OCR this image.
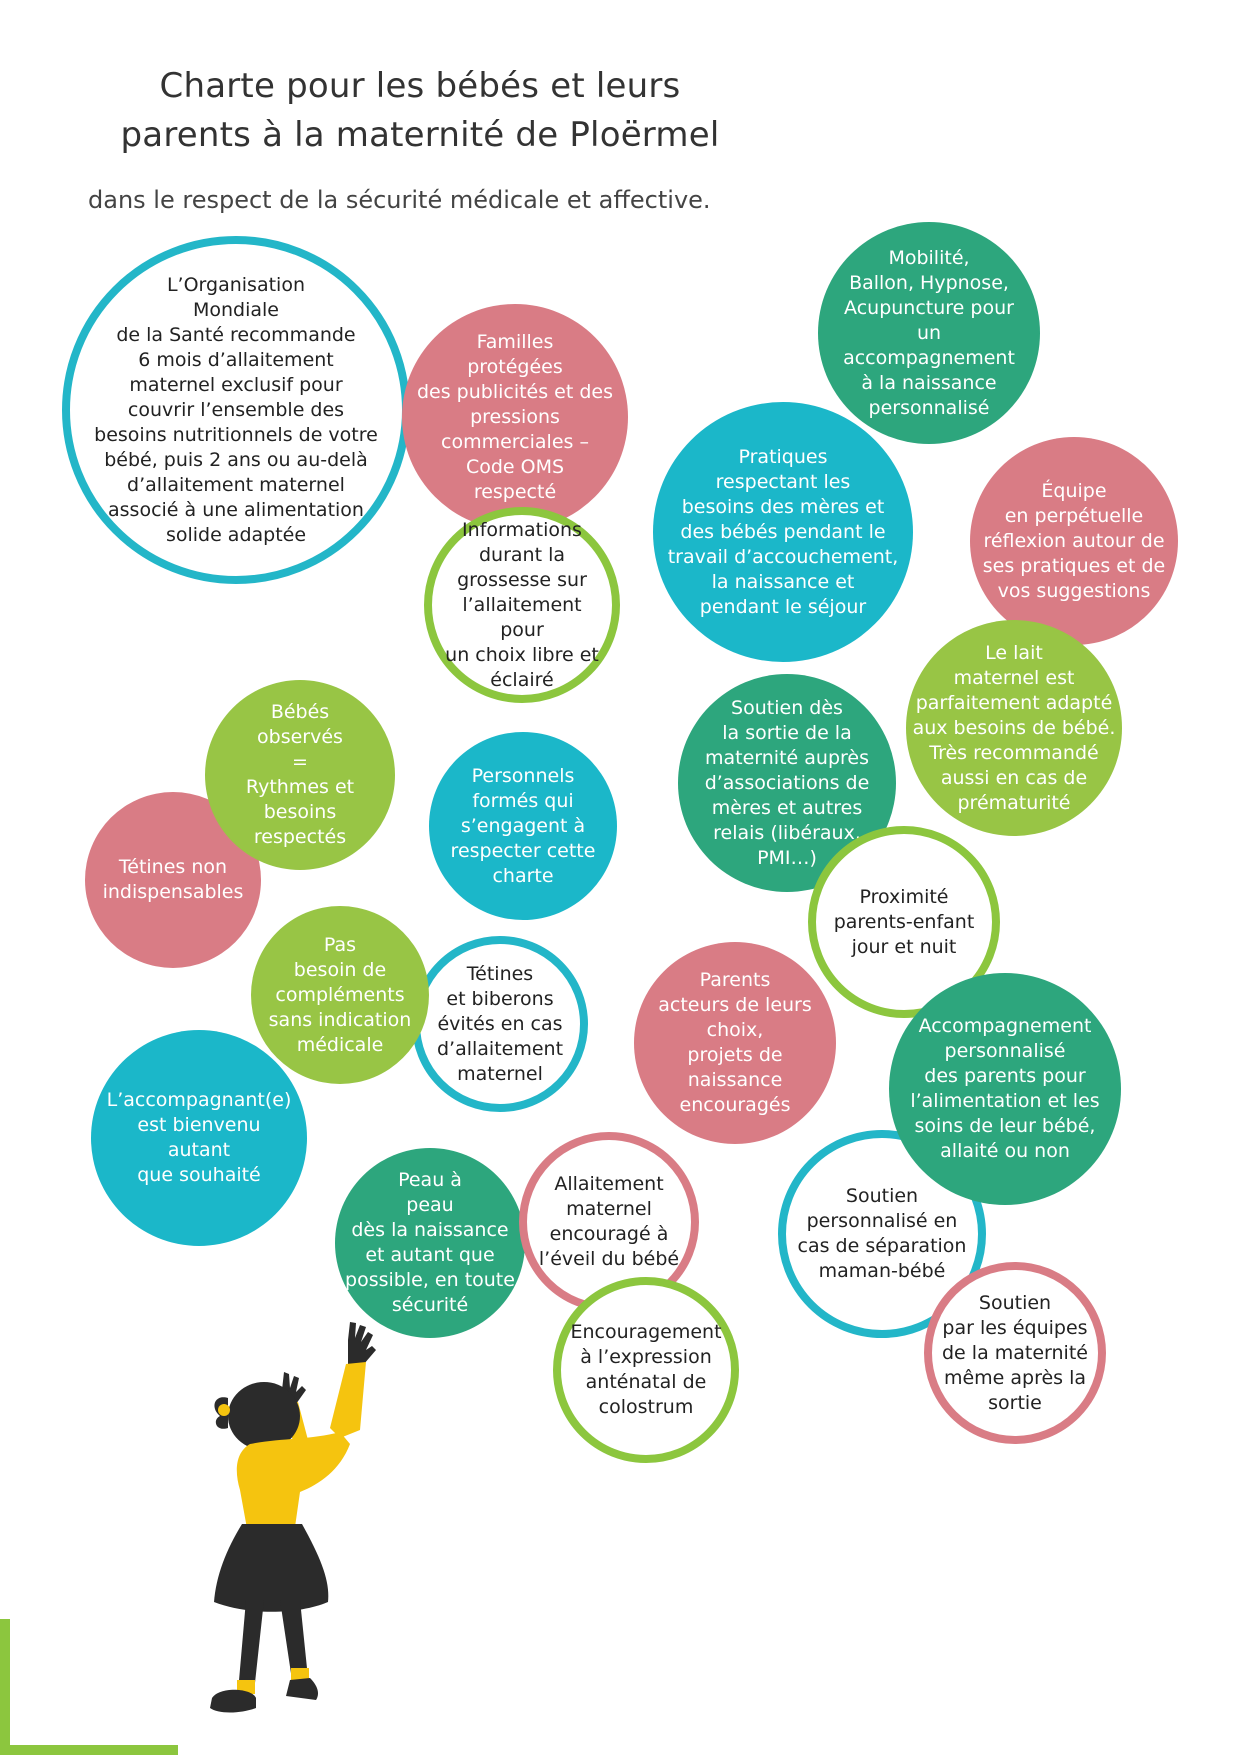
Charte pour les bébés et leurs
parents à la maternité de Ploërmel

dans le respect de la sécurité médicale et affective.

L’Organisation
Mondiale
de la Santé recommande
6 mois d’allaitement
maternel exclusif pour
couvrir l’ensemble des
besoins nutritionnels de votre
bébé, puis 2 ans ou au-delà
d’allaitement maternel
associé à une alimentation
solide adaptée
Mobilité,
Ballon, Hypnose,
Acupuncture pour
un accompagnement
à la naissance
personnalisé
Familles
protégées
des publicités et des
pressions
commerciales –
Code OMS
respecté	Équipe
en perpétuelle
réflexion autour de
ses pratiques et de
vos suggestions
Pratiques
respectant les
besoins des mères et
des bébés pendant le
travail d’accouchement,
la naissance et
pendant le séjour
Informations
durant la
grossesse sur
l’allaitement pour
un choix libre et
éclairé
Le lait
maternel est
parfaitement adapté
aux besoins de bébé.
Très recommandé
aussi en cas de
prématurité
Tétines non
indispensables
Bébés
observés
=
Rythmes et
besoins
respectés
Personnels
formés qui
s’engagent à
respecter cette
charte
Soutien dès
la sortie de la
maternité auprès
d’associations de
mères et autres
relais (libéraux,
PMI…)
Proximité
parents-enfant
jour et nuit
Tétines
et biberons
évités en cas
d’allaitement
maternel
Pas
besoin de
compléments
sans indication
médicale
Parents
acteurs de leurs
choix,
projets de
naissance
encouragés
L’accompagnant(e)
est bienvenu autant
que souhaité
Soutien
personnalisé en
cas de séparation
maman-bébé
Accompagnement
personnalisé
des parents pour
l’alimentation et les
soins de leur bébé,
allaité ou non
Peau à
peau
dès la naissance
et autant que
possible, en toute
sécurité
Allaitement
maternel
encouragé à
l’éveil du bébé
Encouragement
à l’expression
anténatal de
colostrum
Soutien
par les équipes
de la maternité
même après la
sortie
